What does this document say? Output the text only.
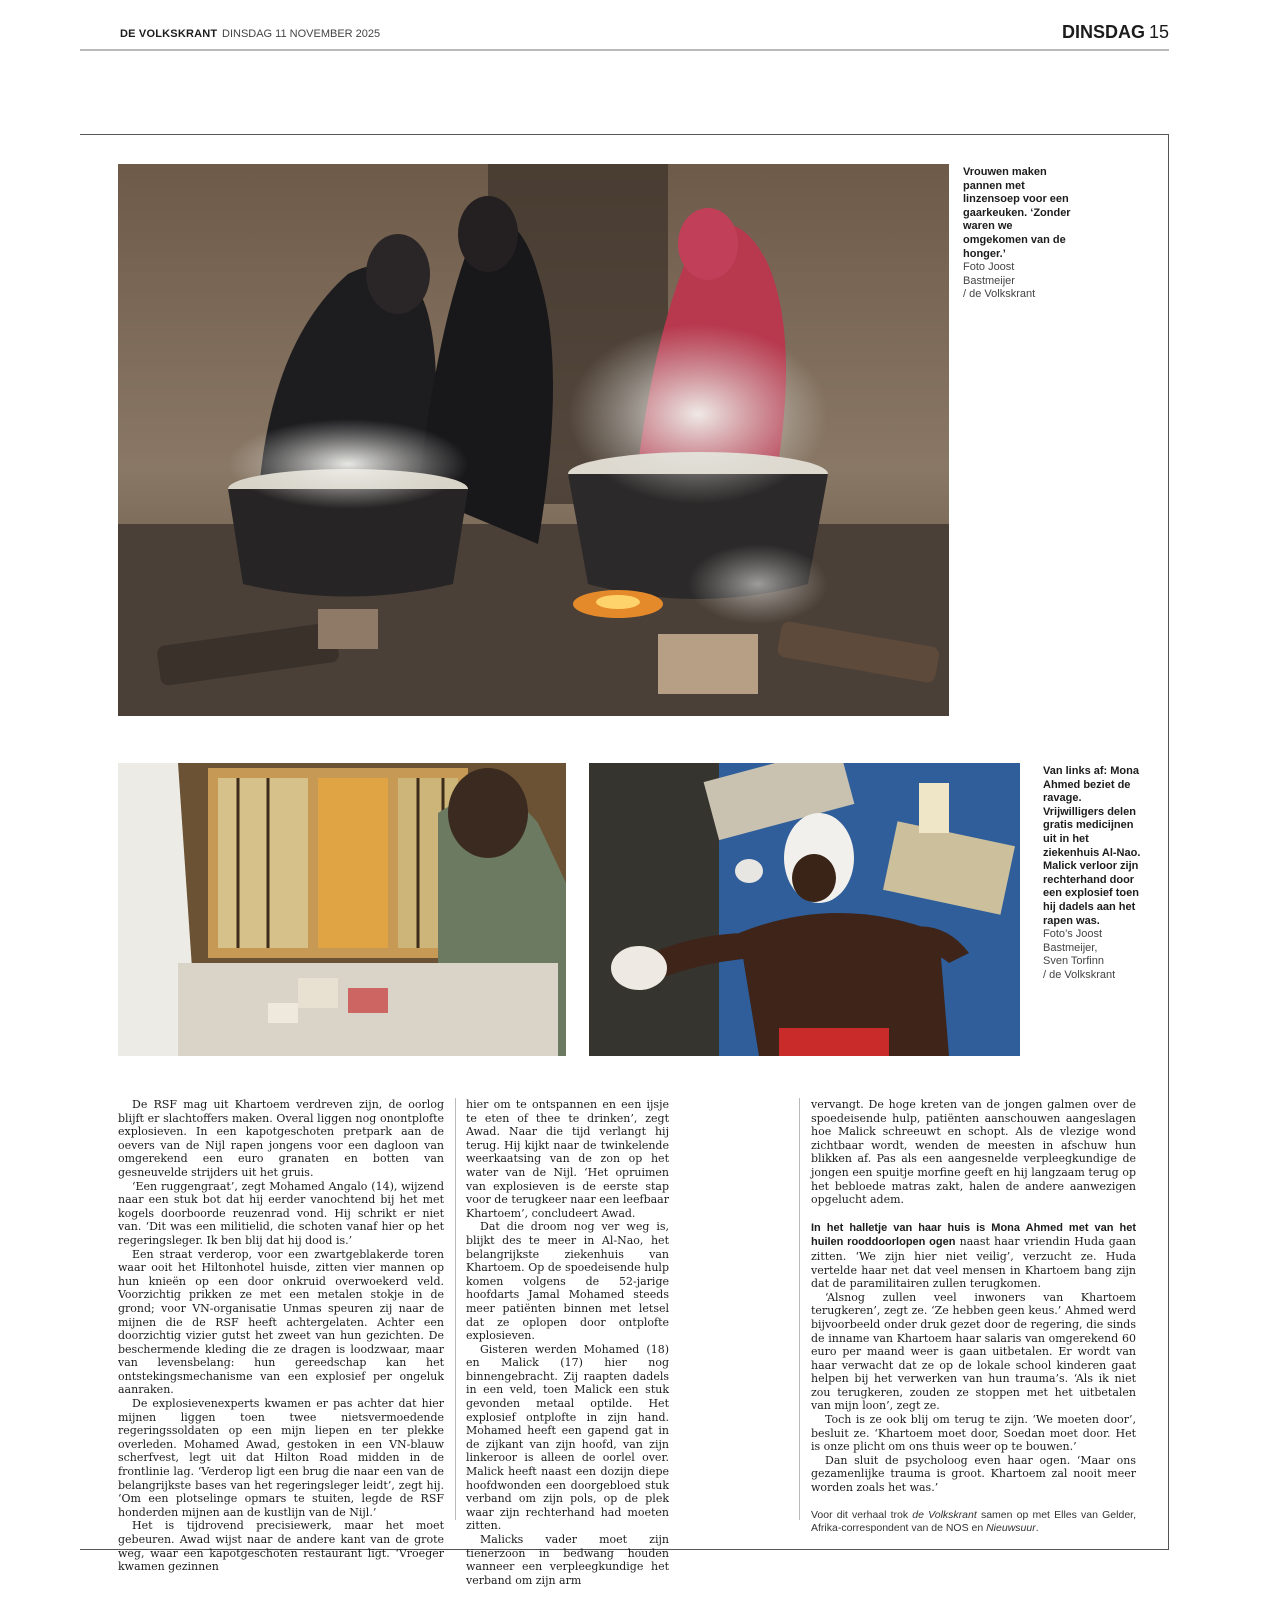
DE VOLKSKRANT DINSDAG 11 NOVEMBER 2025	DINSDAG 15
Vrouwen maken pannen met linzensoep voor een gaarkeuken. ‘Zonder waren we omgekomen van de honger.’
Foto Joost
Bastmeijer
/ de Volkskrant
Van links af: Mona Ahmed beziet de ravage. Vrijwilligers delen gratis medicijnen uit in het ziekenhuis Al-Nao. Malick verloor zijn rechterhand door een explosief toen hij dadels aan het rapen was.
Foto’s Joost
Bastmeijer,
Sven Torfinn
/ de Volkskrant

De RSF mag uit Khartoem verdreven zijn, de oorlog blijft er slachtoffers maken. Overal liggen nog onontplofte explosieven. In een kapotgeschoten pretpark aan de oevers van de Nijl rapen jongens voor een dagloon van omgerekend een euro granaten en botten van gesneuvelde strijders uit het gruis.

‘Een ruggengraat’, zegt Mohamed Angalo (14), wijzend naar een stuk bot dat hij eerder vanochtend bij het met kogels doorboorde reuzenrad vond. Hij schrikt er niet van. ‘Dit was een militielid, die schoten vanaf hier op het regeringsleger. Ik ben blij dat hij dood is.’

Een straat verderop, voor een zwartgeblakerde toren waar ooit het Hiltonhotel huisde, zitten vier mannen op hun knieën op een door onkruid overwoekerd veld. Voorzichtig prikken ze met een metalen stokje in de grond; voor VN-organisatie Unmas speuren zij naar de mijnen die de RSF heeft achtergelaten. Achter een doorzichtig vizier gutst het zweet van hun gezichten. De beschermende kleding die ze dragen is loodzwaar, maar van levensbelang: hun gereedschap kan het ontstekingsmechanisme van een explosief per ongeluk aanraken.

De explosievenexperts kwamen er pas achter dat hier mijnen liggen toen twee nietsvermoedende regeringssoldaten op een mijn liepen en ter plekke overleden. Mohamed Awad, gestoken in een VN-blauw scherfvest, legt uit dat Hilton Road midden in de frontlinie lag. ‘Verderop ligt een brug die naar een van de belangrijkste bases van het regeringsleger leidt’, zegt hij. ‘Om een plotselinge opmars te stuiten, legde de RSF honderden mijnen aan de kustlijn van de Nijl.’

Het is tijdrovend precisiewerk, maar het moet gebeuren. Awad wijst naar de andere kant van de grote weg, waar een kapotgeschoten restaurant ligt. ‘Vroeger kwamen gezinnen

hier om te ontspannen en een ijsje te eten of thee te drinken’, zegt Awad. Naar die tijd verlangt hij terug. Hij kijkt naar de twinkelende weerkaatsing van de zon op het water van de Nijl. ‘Het opruimen van explosieven is de eerste stap voor de terugkeer naar een leefbaar Khartoem’, concludeert Awad.

Dat die droom nog ver weg is, blijkt des te meer in Al-Nao, het belangrijkste ziekenhuis van Khartoem. Op de spoedeisende hulp komen volgens de 52-jarige hoofdarts Jamal Mohamed steeds meer patiënten binnen met letsel dat ze oplopen door ontplofte explosieven.

Gisteren werden Mohamed (18) en Malick (17) hier nog binnengebracht. Zij raapten dadels in een veld, toen Malick een stuk gevonden metaal optilde. Het explosief ontplofte in zijn hand. Mohamed heeft een gapend gat in de zijkant van zijn hoofd, van zijn linkeroor is alleen de oorlel over. Malick heeft naast een dozijn diepe hoofdwonden een doorgebloed stuk verband om zijn pols, op de plek waar zijn rechterhand had moeten zitten.

Malicks vader moet zijn tienerzoon in bedwang houden wanneer een verpleegkundige het verband om zijn arm

vervangt. De hoge kreten van de jongen galmen over de spoedeisende hulp, patiënten aanschouwen aangeslagen hoe Malick schreeuwt en schopt. Als de vlezige wond zichtbaar wordt, wenden de meesten in afschuw hun blikken af. Pas als een aangesnelde verpleegkundige de jongen een spuitje morfine geeft en hij langzaam terug op het bebloede matras zakt, halen de andere aanwezigen opgelucht adem.

In het halletje van haar huis is Mona Ahmed met van het huilen rooddoorlopen ogen naast haar vriendin Huda gaan zitten. ‘We zijn hier niet veilig’, verzucht ze. Huda vertelde haar net dat veel mensen in Khartoem bang zijn dat de paramilitairen zullen terugkomen.

‘Alsnog zullen veel inwoners van Khartoem terugkeren’, zegt ze. ‘Ze hebben geen keus.’ Ahmed werd bijvoorbeeld onder druk gezet door de regering, die sinds de inname van Khartoem haar salaris van omgerekend 60 euro per maand weer is gaan uitbetalen. Er wordt van haar verwacht dat ze op de lokale school kinderen gaat helpen bij het verwerken van hun trauma’s. ‘Als ik niet zou terugkeren, zouden ze stoppen met het uitbetalen van mijn loon’, zegt ze.

Toch is ze ook blij om terug te zijn. ‘We moeten door’, besluit ze. ‘Khartoem moet door, Soedan moet door. Het is onze plicht om ons thuis weer op te bouwen.’

Dan sluit de psycholoog even haar ogen. ‘Maar ons gezamenlijke trauma is groot. Khartoem zal nooit meer worden zoals het was.’

Voor dit verhaal trok de Volkskrant samen op met Elles van Gelder, Afrika-correspondent van de NOS en Nieuwsuur.
